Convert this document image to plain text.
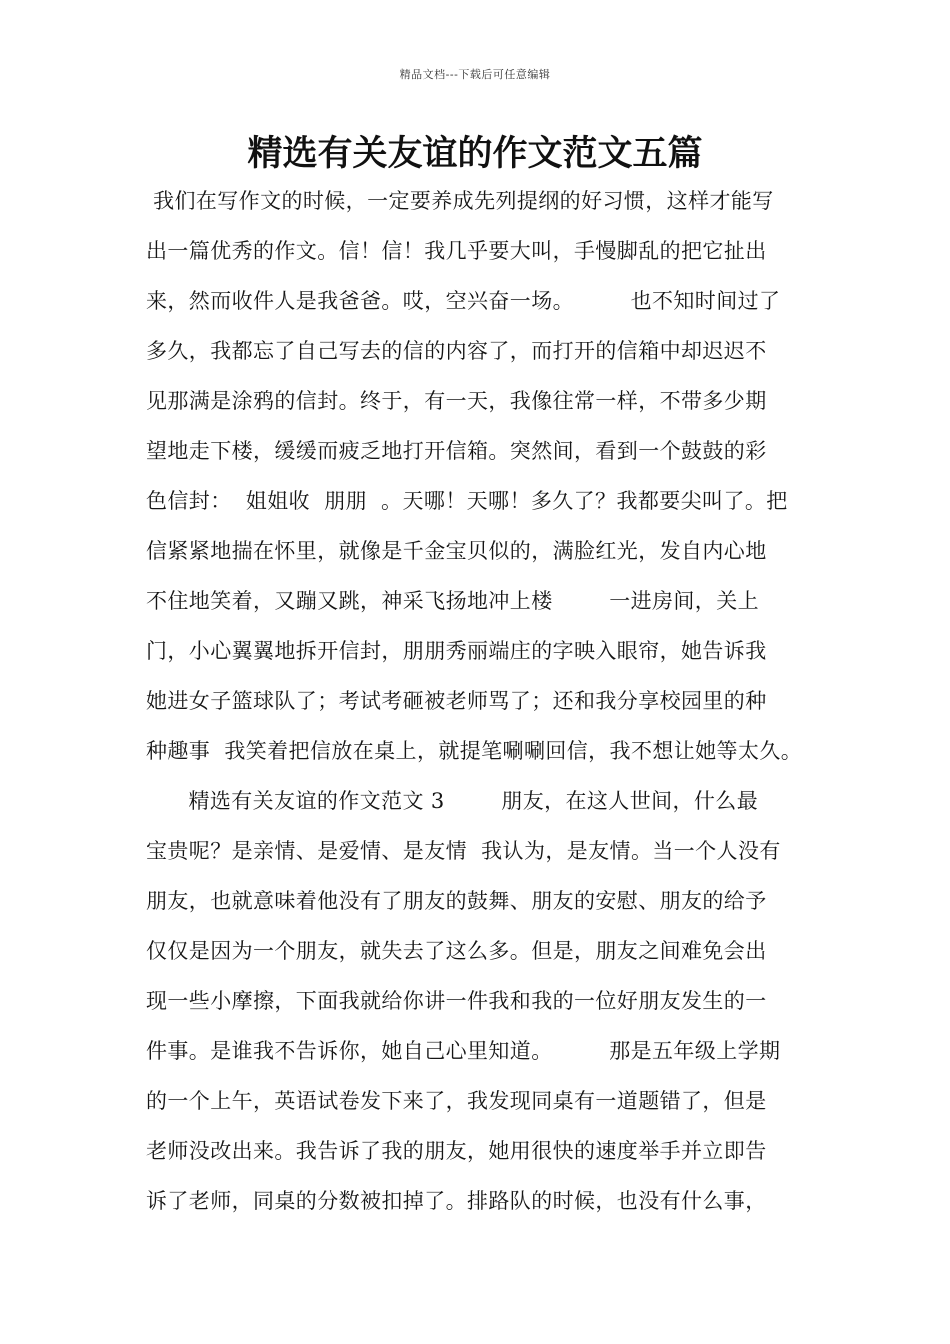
精品文档---下载后可任意编辑
精选有关友谊的作文范文五篇
我们在写作文的时候，一定要养成先列提纲的好习惯，这样才能写
出一篇优秀的作文。信！信！我几乎要大叫，手慢脚乱的把它扯出
来，然而收件人是我爸爸。哎，空兴奋一场。        也不知时间过了
多久，我都忘了自己写去的信的内容了，而打开的信箱中却迟迟不
见那满是涂鸦的信封。终于，有一天，我像往常一样，不带多少期
望地走下楼，缓缓而疲乏地打开信箱。突然间，看到一个鼓鼓的彩
色信封：  姐姐收  朋朋  。天哪！天哪！多久了？我都要尖叫了。把
信紧紧地揣在怀里，就像是千金宝贝似的，满脸红光，发自内心地
不住地笑着，又蹦又跳，神采飞扬地冲上楼        一进房间，关上
门，小心翼翼地拆开信封，朋朋秀丽端庄的字映入眼帘，她告诉我
她进女子篮球队了；考试考砸被老师骂了；还和我分享校园里的种
种趣事  我笑着把信放在桌上，就提笔唰唰回信，我不想让她等太久。
精选有关友谊的作文范文 3        朋友，在这人世间，什么最
宝贵呢？是亲情、是爱情、是友情  我认为，是友情。当一个人没有
朋友，也就意味着他没有了朋友的鼓舞、朋友的安慰、朋友的给予
仅仅是因为一个朋友，就失去了这么多。但是，朋友之间难免会出
现一些小摩擦，下面我就给你讲一件我和我的一位好朋友发生的一
件事。是谁我不告诉你，她自己心里知道。        那是五年级上学期
的一个上午，英语试卷发下来了，我发现同桌有一道题错了，但是
老师没改出来。我告诉了我的朋友，她用很快的速度举手并立即告
诉了老师，同桌的分数被扣掉了。排路队的时候，也没有什么事，
